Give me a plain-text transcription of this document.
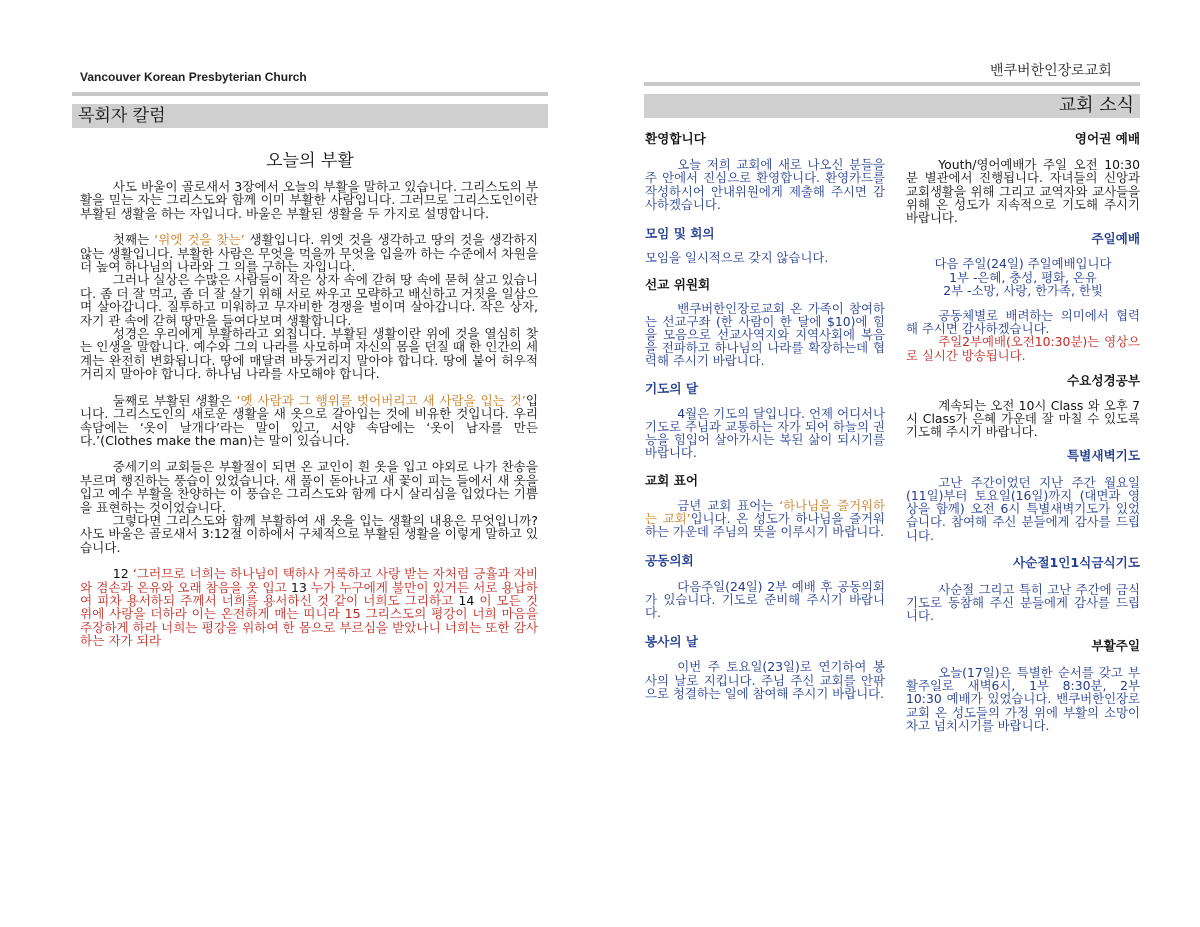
Vancouver Korean Presbyterian Church
목회자 칼럼
오늘의 부활

사도 바울이 골로새서 3장에서 오늘의 부활을 말하고 있습니다. 그리스도의 부활을 믿는 자는 그리스도와 함께 이미 부활한 사람입니다. 그러므로 그리스도인이란 부활된 생활을 하는 자입니다. 바울은 부활된 생활을 두 가지로 설명합니다.

첫째는 ‘위엣 것을 찾는’ 생활입니다. 위엣 것을 생각하고 땅의 것을 생각하지 않는 생활입니다. 부활한 사람은 무엇을 먹을까 무엇을 입을까 하는 수준에서 차원을 더 높여 하나님의 나라와 그 의를 구하는 자입니다.

그러나 실상은 수많은 사람들이 작은 상자 속에 갇혀 땅 속에 묻혀 살고 있습니다. 좀 더 잘 먹고, 좀 더 잘 살기 위해 서로 싸우고 모략하고 배신하고 거짓을 일삼으며 살아갑니다. 질투하고 미워하고 무자비한 경쟁을 벌이며 살아갑니다. 작은 상자, 자기 관 속에 갇혀 땅만을 들여다보며 생활합니다.

성경은 우리에게 부활하라고 외칩니다. 부활된 생활이란 위에 것을 열심히 찾는 인생을 말합니다. 예수와 그의 나라를 사모하며 자신의 몸을 던질 때 한 인간의 세계는 완전히 변화됩니다. 땅에 매달려 바둥거리지 말아야 합니다. 땅에 붙어 허우적거리지 말아야 합니다. 하나님 나라를 사모해야 합니다.

둘째로 부활된 생활은 ‘옛 사람과 그 행위를 벗어버리고 새 사람을 입는 것’입니다. 그리스도인의 새로운 생활을 새 옷으로 갈아입는 것에 비유한 것입니다. 우리 속담에는 ‘옷이 날개다’라는 말이 있고, 서양 속담에는 ‘옷이 남자를 만든다.’(Clothes make the man)는 말이 있습니다.

중세기의 교회들은 부활절이 되면 온 교인이 흰 옷을 입고 야외로 나가 찬송을 부르며 행진하는 풍습이 있었습니다. 새 풀이 돋아나고 새 꽃이 피는 들에서 새 옷을 입고 예수 부활을 찬양하는 이 풍습은 그리스도와 함께 다시 살리심을 입었다는 기쁨을 표현하는 것이었습니다.

그렇다면 그리스도와 함께 부활하여 새 옷을 입는 생활의 내용은 무엇입니까? 사도 바울은 골로새서 3:12절 이하에서 구체적으로 부활된 생활을 이렇게 말하고 있습니다.

12 ‘그러므로 너희는 하나님이 택하사 거룩하고 사랑 받는 자처럼 긍휼과 자비와 겸손과 온유와 오래 참음을 옷 입고 13 누가 누구에게 불만이 있거든 서로 용납하여 피차 용서하되 주께서 너희를 용서하신 것 같이 너희도 그리하고 14 이 모든 것 위에 사랑을 더하라 이는 온전하게 매는 띠니라 15 그리스도의 평강이 너희 마음을 주장하게 하라 너희는 평강을 위하여 한 몸으로 부르심을 받았나니 너희는 또한 감사하는 자가 되라

밴쿠버한인장로교회
교회 소식
환영합니다

오늘 저희 교회에 새로 나오신 분들을 주 안에서 진심으로 환영합니다. 환영카드를 작성하시어 안내위원에게 제출해 주시면 감사하겠습니다.

모임 및 회의

모임을 일시적으로 갖지 않습니다.

선교 위원회

밴쿠버한인장로교회 온 가족이 참여하는 선교구좌 (한 사람이 한 달에 $10)에 힘을 모음으로 선교사역지와 지역사회에 복음을 전파하고 하나님의 나라를 확장하는데 협력해 주시기 바랍니다.

기도의 달

4월은 기도의 달입니다. 언제 어디서나 기도로 주님과 교통하는 자가 되어 하늘의 권능을 힘입어 살아가시는 복된 삶이 되시기를 바랍니다.

교회 표어

금년 교회 표어는 ‘하나님을 즐거워하는 교회’입니다. 온 성도가 하나님을 즐거워하는 가운데 주님의 뜻을 이루시기 바랍니다.

공동의회

다음주일(24일) 2부 예배 후 공동의회가 있습니다. 기도로 준비해 주시기 바랍니다.

봉사의 날

이번 주 토요일(23일)로 연기하여 봉사의 날로 지킵니다. 주님 주신 교회를 안팎으로 청결하는 일에 참여해 주시기 바랍니다.

영어권 예배

Youth/영어예배가 주일 오전 10:30분 별관에서 진행됩니다. 자녀들의 신앙과 교회생활을 위해 그리고 교역자와 교사들을 위해 온 성도가 지속적으로 기도해 주시기 바랍니다.

주일예배

다음 주일(24일) 주일예배입니다

1부 -은혜, 충성, 평화, 온유

2부 -소망, 사랑, 한가족, 한빛

공동체별로 배려하는 의미에서 협력해 주시면 감사하겠습니다.

주일2부예배(오전10:30분)는 영상으로 실시간 방송됩니다.

수요성경공부

계속되는 오전 10시 Class 와 오후 7시 Class가 은혜 가운데 잘 마칠 수 있도록 기도해 주시기 바랍니다.

특별새벽기도

고난 주간이었던 지난 주간 월요일(11일)부터 토요일(16일)까지 (대면과 영상을 함께) 오전 6시 특별새벽기도가 있었습니다. 참여해 주신 분들에게 감사를 드립니다.

사순절1인1식금식기도

사순절 그리고 특히 고난 주간에 금식기도로 동참해 주신 분들에게 감사를 드립니다.

부활주일

오늘(17일)은 특별한 순서를 갖고 부활주일로 새벽6시, 1부 8:30분, 2부 10:30 예배가 있었습니다. 밴쿠버한인장로교회 온 성도들의 가정 위에 부활의 소망이 차고 넘치시기를 바랍니다.
